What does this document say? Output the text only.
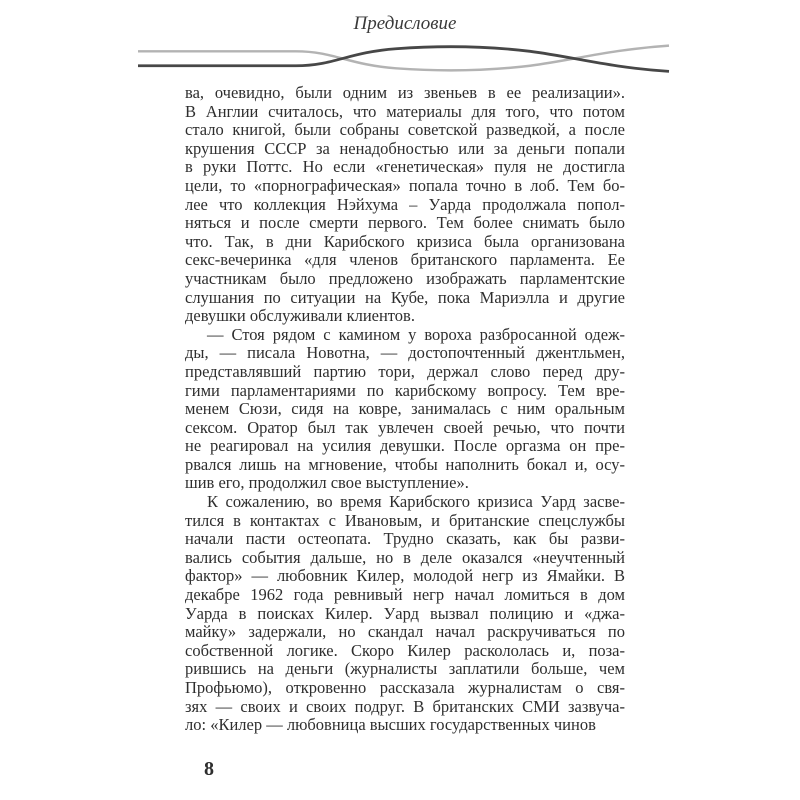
Предисловие
ва, очевидно, были одним из звеньев в ее реализации».
В Англии считалось, что материалы для того, что потом
стало книгой, были собраны советской разведкой, а после
крушения СССР за ненадобностью или за деньги попали
в руки Поттс. Но если «генетическая» пуля не достигла
цели, то «порнографическая» попала точно в лоб. Тем бо-
лее что коллекция Нэйхума – Уарда продолжала попол-
няться и после смерти первого. Тем более снимать было
что. Так, в дни Карибского кризиса была организована
секс-вечеринка «для членов британского парламента. Ее
участникам было предложено изображать парламентские
слушания по ситуации на Кубе, пока Мариэлла и другие
девушки обслуживали клиентов.
— Стоя рядом с камином у вороха разбросанной одеж-
ды, — писала Новотна, — достопочтенный джентльмен,
представлявший партию тори, держал слово перед дру-
гими парламентариями по карибскому вопросу. Тем вре-
менем Сюзи, сидя на ковре, занималась с ним оральным
сексом. Оратор был так увлечен своей речью, что почти
не реагировал на усилия девушки. После оргазма он пре-
рвался лишь на мгновение, чтобы наполнить бокал и, осу-
шив его, продолжил свое выступление».
К сожалению, во время Карибского кризиса Уард засве-
тился в контактах с Ивановым, и британские спецслужбы
начали пасти остеопата. Трудно сказать, как бы разви-
вались события дальше, но в деле оказался «неучтенный
фактор» — любовник Килер, молодой негр из Ямайки. В
декабре 1962 года ревнивый негр начал ломиться в дом
Уарда в поисках Килер. Уард вызвал полицию и «джа-
майку» задержали, но скандал начал раскручиваться по
собственной логике. Скоро Килер раскололась и, поза-
рившись на деньги (журналисты заплатили больше, чем
Профьюмо), откровенно рассказала журналистам о свя-
зях — своих и своих подруг. В британских СМИ зазвуча-
ло: «Килер — любовница высших государственных чинов
8
